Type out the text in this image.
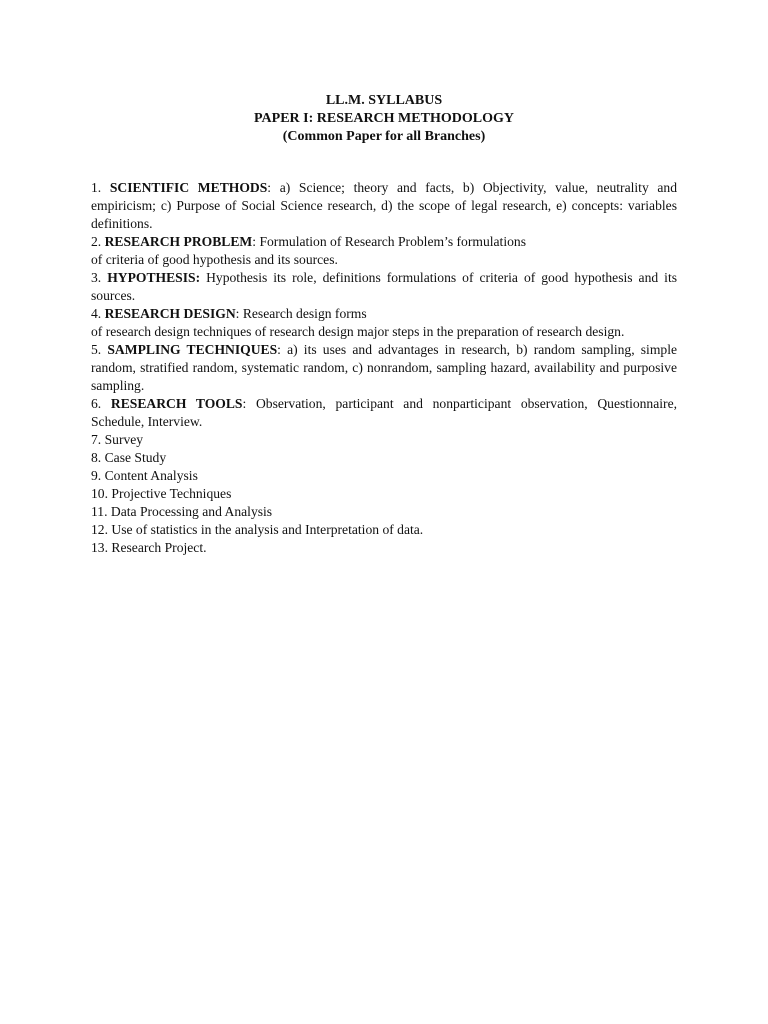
LL.M. SYLLABUS
PAPER I: RESEARCH METHODOLOGY
(Common Paper for all Branches)

1. SCIENTIFIC METHODS: a) Science; theory and facts, b) Objectivity, value, neutrality and empiricism; c) Purpose of Social Science research, d) the scope of legal research, e) concepts: variables definitions.

2. RESEARCH PROBLEM: Formulation of Research Problem’s formulations

of criteria of good hypothesis and its sources.

3. HYPOTHESIS: Hypothesis its role, definitions formulations of criteria of good hypothesis and its sources.

4. RESEARCH DESIGN: Research design forms

of research design techniques of research design major steps in the preparation of research design.

5. SAMPLING TECHNIQUES: a) its uses and advantages in research, b) random sampling, simple random, stratified random, systematic random, c) nonrandom, sampling hazard, availability and purposive sampling.

6. RESEARCH TOOLS: Observation, participant and nonparticipant observation, Questionnaire, Schedule, Interview.

7. Survey

8. Case Study

9. Content Analysis

10. Projective Techniques

11. Data Processing and Analysis

12. Use of statistics in the analysis and Interpretation of data.

13. Research Project.
